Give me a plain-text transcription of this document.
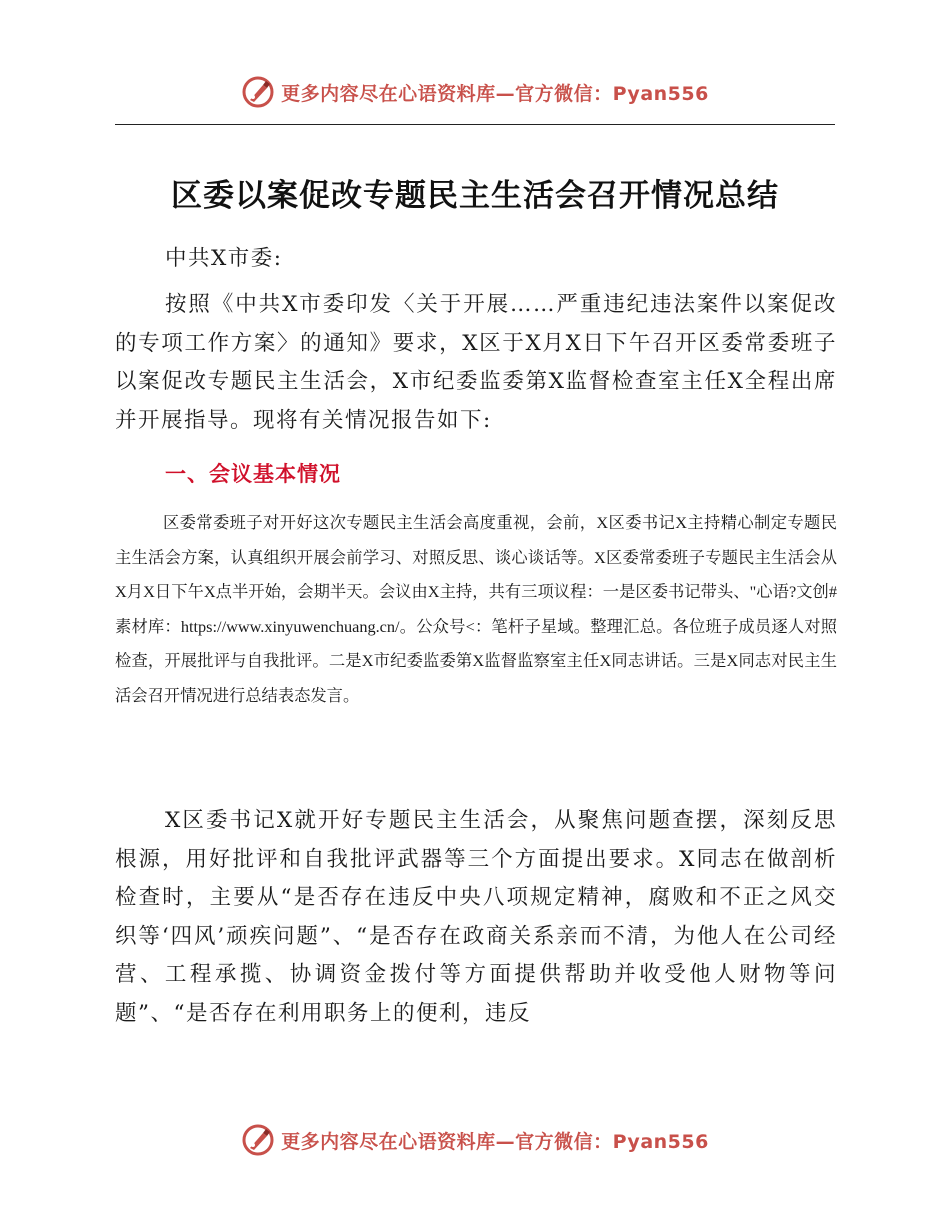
更多内容尽在心语资料库—官方微信：Pyan556
区委以案促改专题民主生活会召开情况总结

中共X市委:

按照《中共X市委印发〈关于开展……严重违纪违法案件以案促改的专项工作方案〉的通知》要求，X区于X月X日下午召开区委常委班子以案促改专题民主生活会，X市纪委监委第X监督检查室主任X全程出席并开展指导。现将有关情况报告如下:

一、会议基本情况

区委常委班子对开好这次专题民主生活会高度重视，会前，X区委书记X主持精心制定专题民主生活会方案，认真组织开展会前学习、对照反思、谈心谈话等。X区委常委班子专题民主生活会从X月X日下午X点半开始，会期半天。会议由X主持，共有三项议程：一是区委书记带头、"心语?文创#素材库：https://www.xinyuwenchuang.cn/。公众号<：笔杆子星域。整理汇总。各位班子成员逐人对照检查，开展批评与自我批评。二是X市纪委监委第X监督监察室主任X同志讲话。三是X同志对民主生活会召开情况进行总结表态发言。

X区委书记X就开好专题民主生活会，从聚焦问题查摆，深刻反思根源，用好批评和自我批评武器等三个方面提出要求。X同志在做剖析检查时，主要从“是否存在违反中央八项规定精神，腐败和不正之风交织等‘四风’顽疾问题”、“是否存在政商关系亲而不清，为他人在公司经营、工程承揽、协调资金拨付等方面提供帮助并收受他人财物等问题”、“是否存在利用职务上的便利，违反

更多内容尽在心语资料库—官方微信：Pyan556
